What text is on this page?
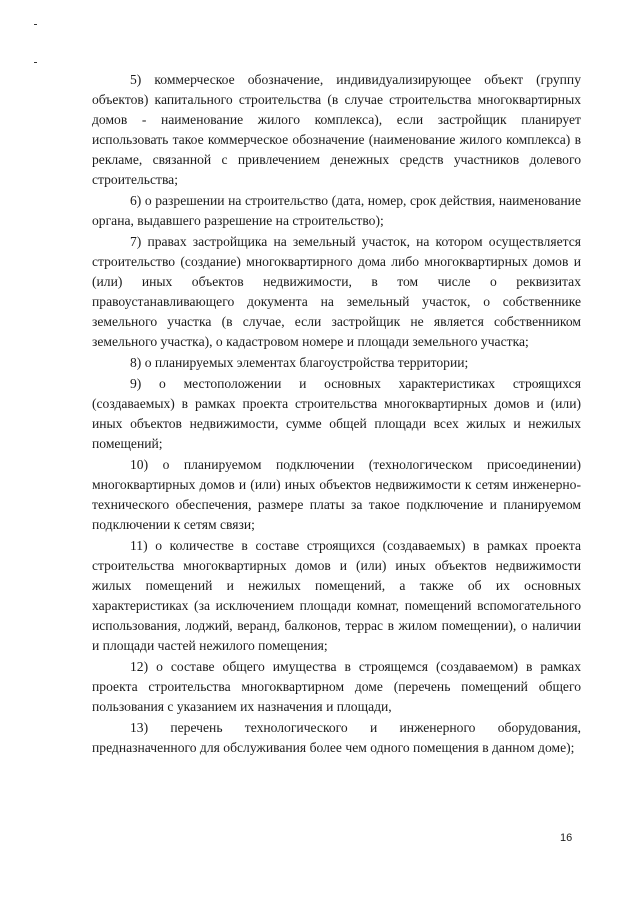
5) коммерческое обозначение, индивидуализирующее объект (группу объектов) капитального строительства (в случае строительства многоквартирных домов - наименование жилого комплекса), если застройщик планирует использовать такое коммерческое обозначение (наименование жилого комплекса) в рекламе, связанной с привлечением денежных средств участников долевого строительства;

6) о разрешении на строительство (дата, номер, срок действия, наименование органа, выдавшего разрешение на строительство);

7) правах застройщика на земельный участок, на котором осуществляется строительство (создание) многоквартирного дома либо многоквартирных домов и (или) иных объектов недвижимости, в том числе о реквизитах правоустанавливающего документа на земельный участок, о собственнике земельного участка (в случае, если застройщик не является собственником земельного участка), о кадастровом номере и площади земельного участка;

8) о планируемых элементах благоустройства территории;

9) о местоположении и основных характеристиках строящихся (создаваемых) в рамках проекта строительства многоквартирных домов и (или) иных объектов недвижимости, сумме общей площади всех жилых и нежилых помещений;

10) о планируемом подключении (технологическом присоединении) многоквартирных домов и (или) иных объектов недвижимости к сетям инженерно-технического обеспечения, размере платы за такое подключение и планируемом подключении к сетям связи;

11) о количестве в составе строящихся (создаваемых) в рамках проекта строительства многоквартирных домов и (или) иных объектов недвижимости жилых помещений и нежилых помещений, а также об их основных характеристиках (за исключением площади комнат, помещений вспомогательного использования, лоджий, веранд, балконов, террас в жилом помещении), о наличии и площади частей нежилого помещения;

12) о составе общего имущества в строящемся (создаваемом) в рамках проекта строительства многоквартирном доме (перечень помещений общего пользования с указанием их назначения и площади,

13) перечень технологического и инженерного оборудования, предназначенного для обслуживания более чем одного помещения в данном доме);

16
